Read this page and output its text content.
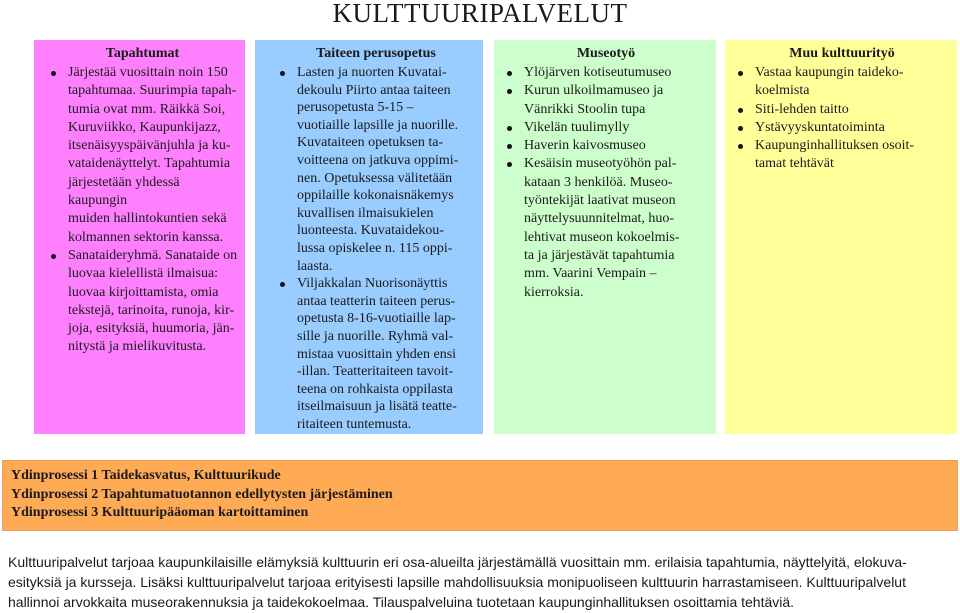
KULTTUURIPALVELUT
Tapahtumat
Järjestää vuosittain noin 150
tapahtumaa. Suurimpia tapah-
tumia ovat mm. Räikkä Soi,
Kuruviikko, Kaupunkijazz,
itsenäisyyspäivänjuhla ja ku-
vataidenäyttelyt. Tapahtumia
järjestetään yhdessä kaupungin
muiden hallintokuntien sekä
kolmannen sektorin kanssa.
Sanataideryhmä. Sanataide on
luovaa kielellistä ilmaisua:
luovaa kirjoittamista, omia
tekstejä, tarinoita, runoja, kir-
joja, esityksiä, huumoria, jän-
nitystä ja mielikuvitusta.
Taiteen perusopetus
Lasten ja nuorten Kuvatai-
dekoulu Piirto antaa taiteen
perusopetusta 5-15 –
vuotiaille lapsille ja nuorille.
Kuvataiteen opetuksen ta-
voitteena on jatkuva oppimi-
nen. Opetuksessa välitetään
oppilaille kokonaisnäkemys
kuvallisen ilmaisukielen
luonteesta. Kuvataidekou-
lussa opiskelee n. 115 oppi-
laasta.
Viljakkalan Nuorisonäyttis
antaa teatterin taiteen perus-
opetusta 8-16-vuotiaille lap-
sille ja nuorille. Ryhmä val-
mistaa vuosittain yhden ensi
-illan. Teatteritaiteen tavoit-
teena on rohkaista oppilasta
itseilmaisuun ja lisätä teatte-
ritaiteen tuntemusta.
Museotyö
Ylöjärven kotiseutumuseo
Kurun ulkoilmamuseo ja
Vänrikki Stoolin tupa
Vikelän tuulimylly
Haverin kaivosmuseo
Kesäisin museotyöhön pal-
kataan 3 henkilöä. Museo-
työntekijät laativat museon
näyttelysuunnitelmat, huo-
lehtivat museon kokoelmis-
ta ja järjestävät tapahtumia
mm. Vaarini Vempain –
kierroksia.
Muu kulttuurityö
Vastaa kaupungin taideko-
koelmista
Siti-lehden taitto
Ystävyyskuntatoiminta
Kaupunginhallituksen osoit-
tamat tehtävät
Ydinprosessi 1 Taidekasvatus, Kulttuurikude
Ydinprosessi 2 Tapahtumatuotannon edellytysten järjestäminen
Ydinprosessi 3 Kulttuuripääoman kartoittaminen
Kulttuuripalvelut tarjoaa kaupunkilaisille elämyksiä kulttuurin eri osa-alueilta järjestämällä vuosittain mm. erilaisia tapahtumia, näyttelyitä, elokuva-
esityksiä ja kursseja. Lisäksi kulttuuripalvelut tarjoaa erityisesti lapsille mahdollisuuksia monipuoliseen kulttuurin harrastamiseen. Kulttuuripalvelut
hallinnoi arvokkaita museorakennuksia ja taidekokoelmaa. Tilauspalveluina tuotetaan kaupunginhallituksen osoittamia tehtäviä.
